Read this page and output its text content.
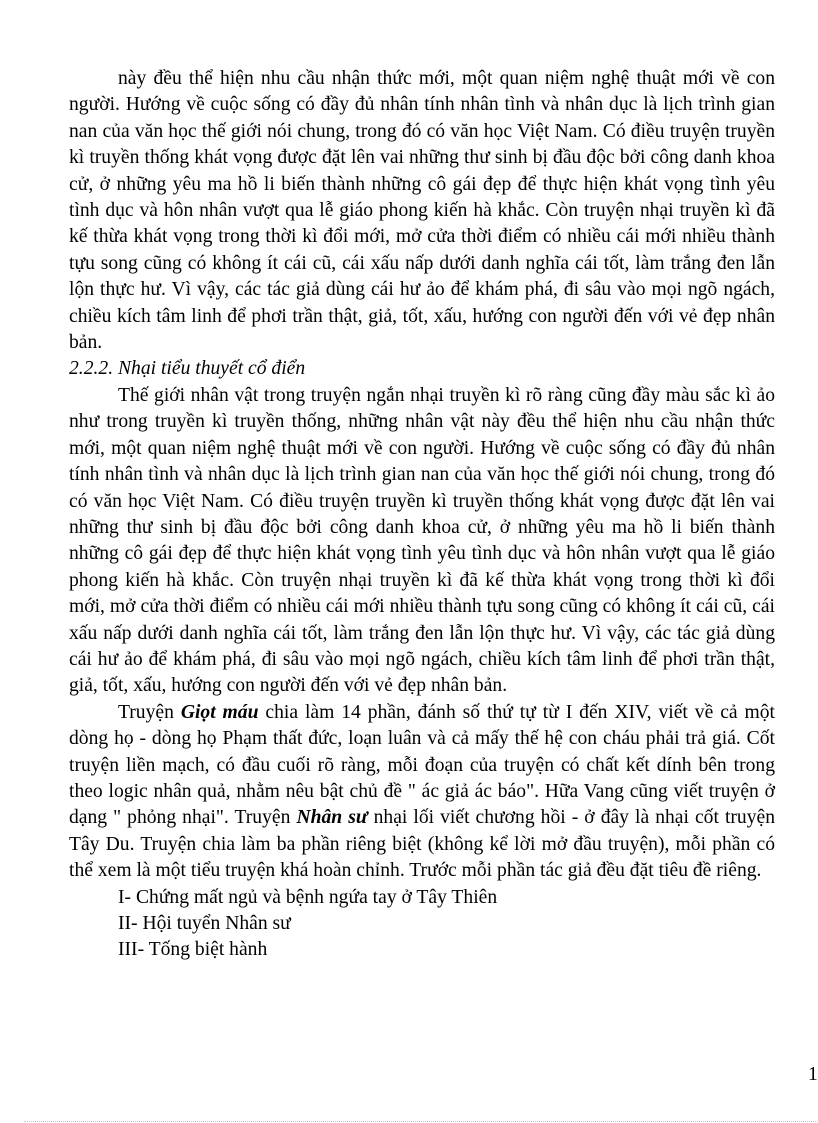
này đều thể hiện nhu cầu nhận thức mới, một quan niệm nghệ thuật mới về con người. Hướng về cuộc sống có đầy đủ nhân tính nhân tình và nhân dục là lịch trình gian nan của văn học thế giới nói chung, trong đó có văn học Việt Nam. Có điều truyện truyền kì truyền thống khát vọng được đặt lên vai những thư sinh bị đầu độc bởi công danh khoa cử, ở những yêu ma hồ li biến thành những cô gái đẹp để thực hiện khát vọng tình yêu tình dục và hôn nhân vượt qua lễ giáo phong kiến hà khắc. Còn truyện nhại truyền kì đã kế thừa khát vọng trong thời kì đổi mới, mở cửa thời điểm có nhiều cái mới nhiều thành tựu song cũng có không ít cái cũ, cái xấu nấp dưới danh nghĩa cái tốt, làm trắng đen lẫn lộn thực hư. Vì vậy, các tác giả dùng cái hư ảo để khám phá, đi sâu vào mọi ngõ ngách, chiều kích tâm linh để phơi trần thật, giả, tốt, xấu, hướng con người đến với vẻ đẹp nhân bản.

2.2.2. Nhại tiểu thuyết cổ điển

Thế giới nhân vật trong truyện ngắn nhại truyền kì rõ ràng cũng đầy màu sắc kì ảo như trong truyền kì truyền thống, những nhân vật này đều thể hiện nhu cầu nhận thức mới, một quan niệm nghệ thuật mới về con người. Hướng về cuộc sống có đầy đủ nhân tính nhân tình và nhân dục là lịch trình gian nan của văn học thế giới nói chung, trong đó có văn học Việt Nam. Có điều truyện truyền kì truyền thống khát vọng được đặt lên vai những thư sinh bị đầu độc bởi công danh khoa cử, ở những yêu ma hồ li biến thành những cô gái đẹp để thực hiện khát vọng tình yêu tình dục và hôn nhân vượt qua lễ giáo phong kiến hà khắc. Còn truyện nhại truyền kì đã kế thừa khát vọng trong thời kì đổi mới, mở cửa thời điểm có nhiều cái mới nhiều thành tựu song cũng có không ít cái cũ, cái xấu nấp dưới danh nghĩa cái tốt, làm trắng đen lẫn lộn thực hư. Vì vậy, các tác giả dùng cái hư ảo để khám phá, đi sâu vào mọi ngõ ngách, chiều kích tâm linh để phơi trần thật, giả, tốt, xấu, hướng con người đến với vẻ đẹp nhân bản.

Truyện Giọt máu chia làm 14 phần, đánh số thứ tự từ I đến XIV, viết về cả một dòng họ - dòng họ Phạm thất đức, loạn luân và cả mấy thế hệ con cháu phải trả giá. Cốt truyện liền mạch, có đầu cuối rõ ràng, mỗi đoạn của truyện có chất kết dính bên trong theo logic nhân quả, nhằm nêu bật chủ đề " ác giả ác báo". Hữa Vang cũng viết truyện ở dạng " phỏng nhại". Truyện Nhân sư nhại lối viết chương hồi - ở đây là nhại cốt truyện Tây Du. Truyện chia làm ba phần riêng biệt (không kể lời mở đầu truyện), mỗi phần có thể xem là một tiểu truyện khá hoàn chỉnh. Trước mỗi phần tác giả đều đặt tiêu đề riêng.

I- Chứng mất ngủ và bệnh ngứa tay ở Tây Thiên

II- Hội tuyển Nhân sư

III- Tống biệt hành

1
